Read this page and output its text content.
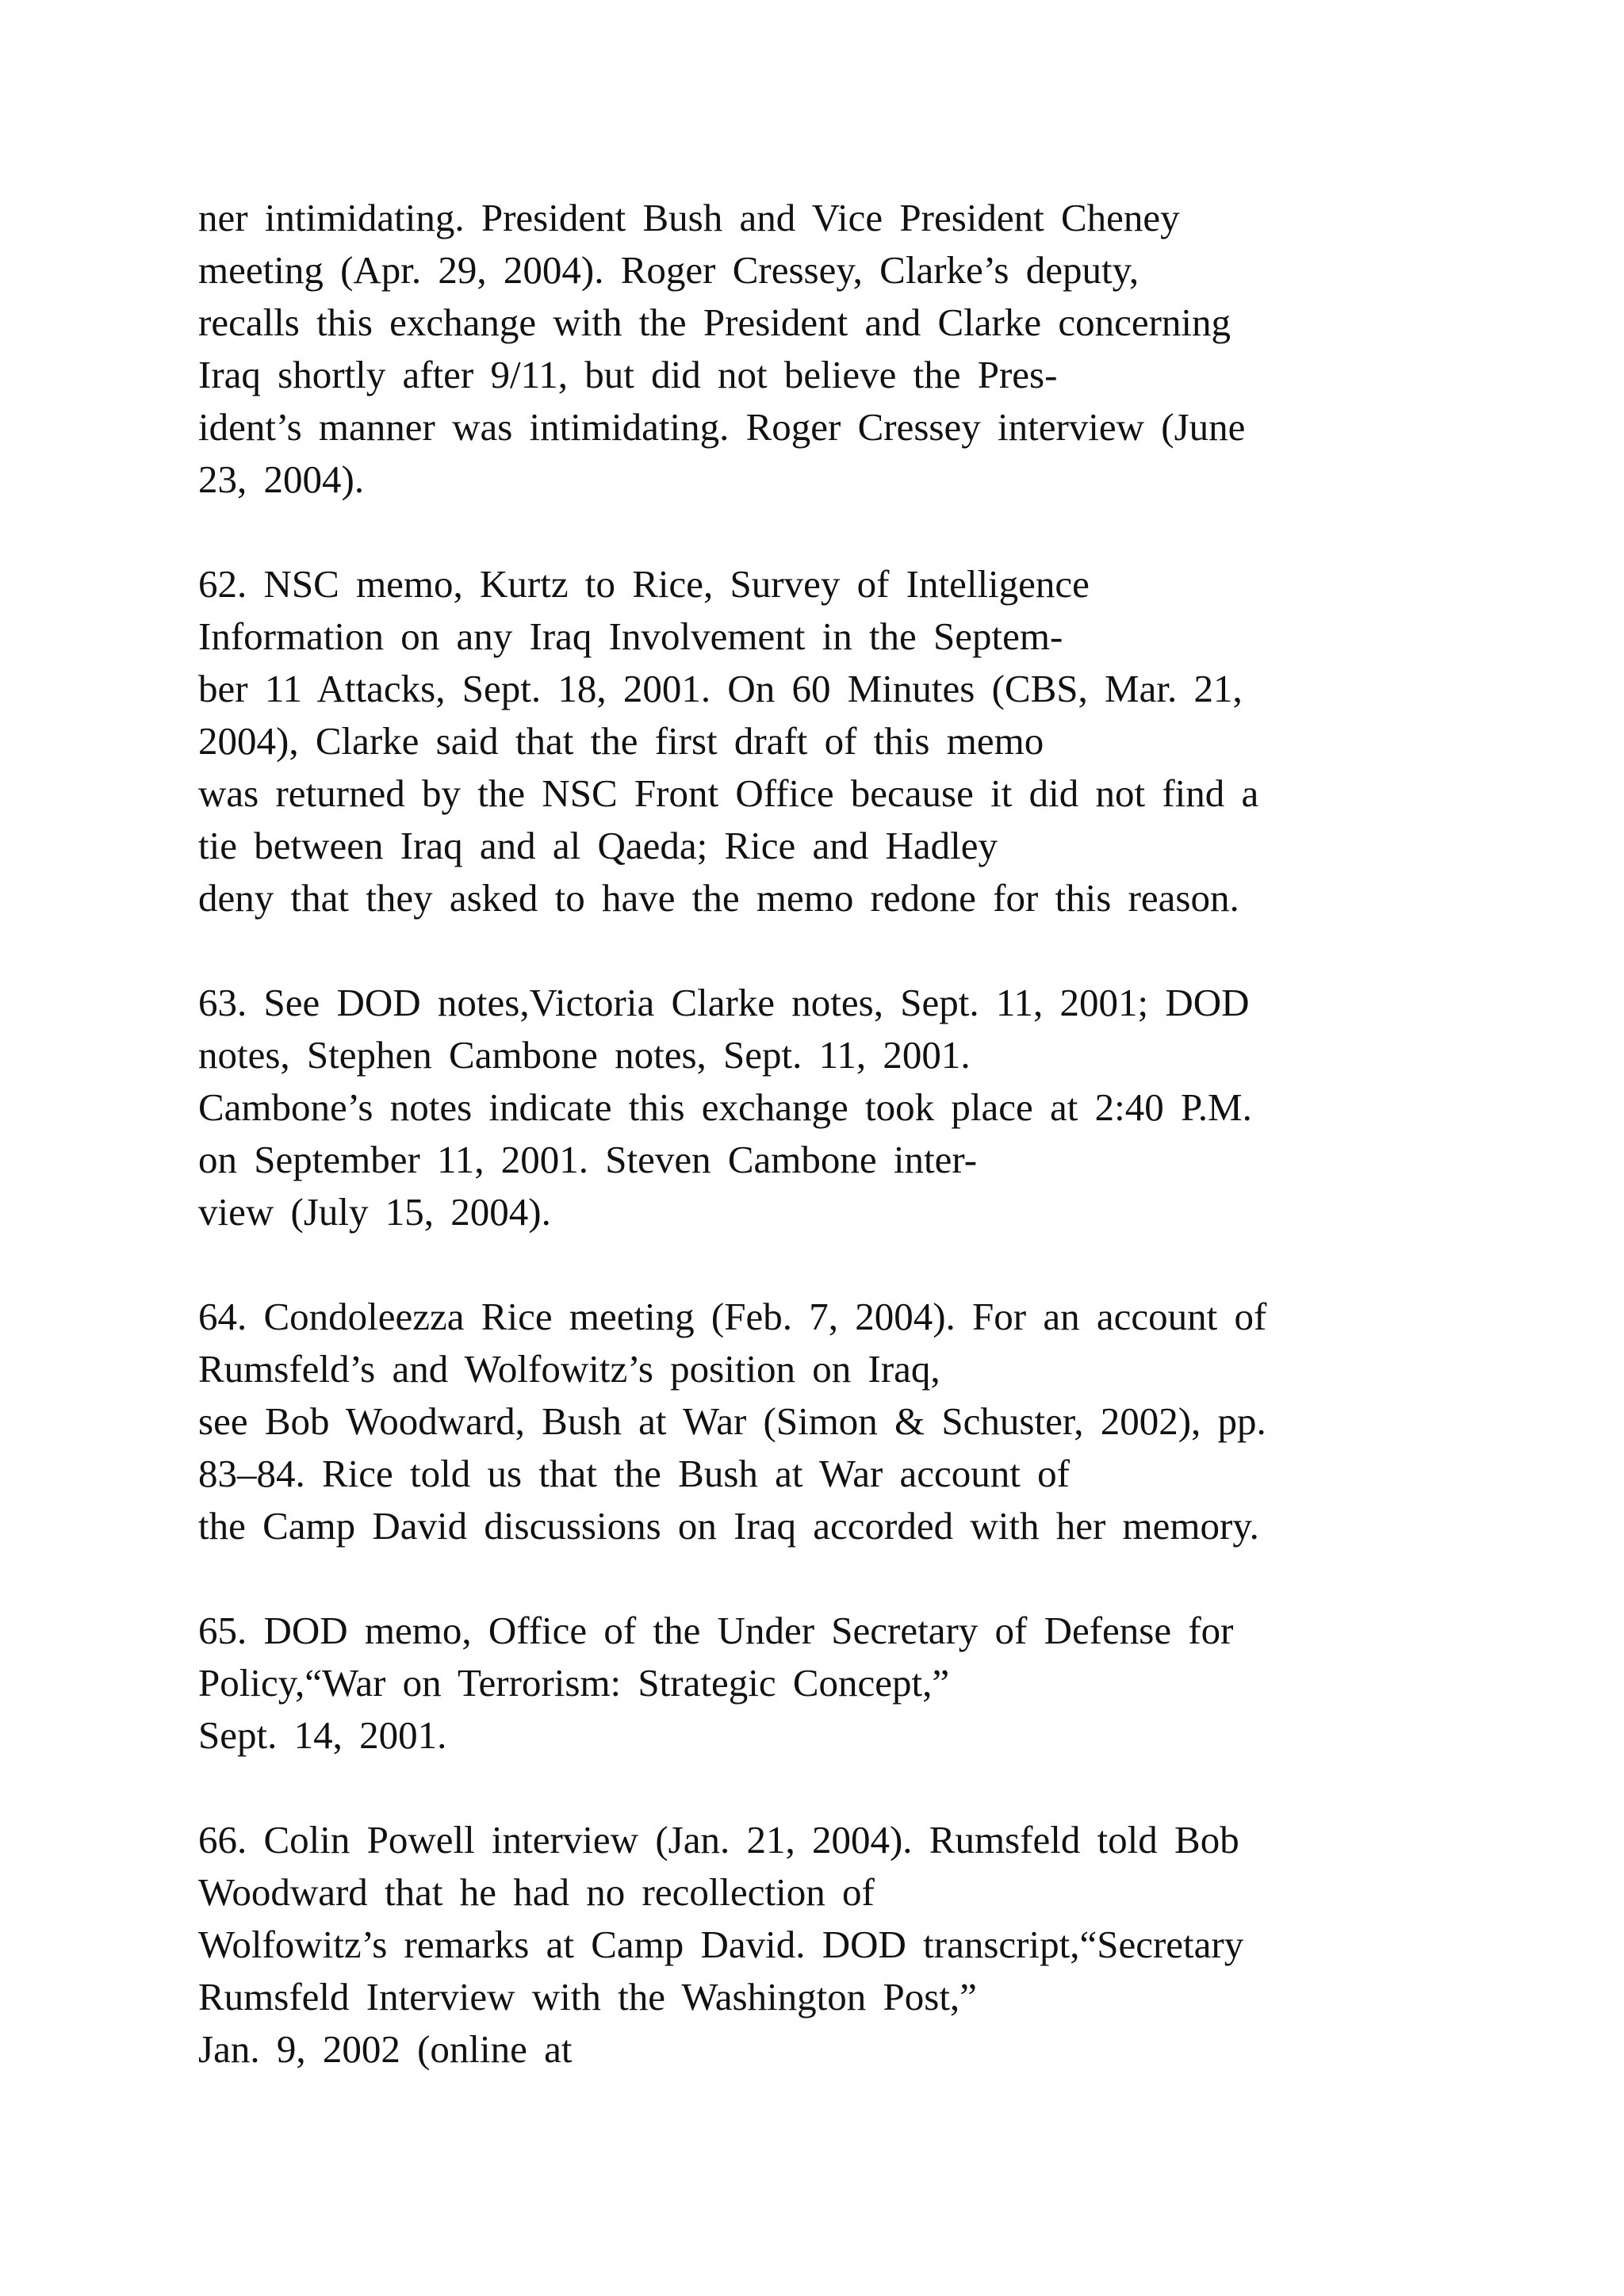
ner intimidating. President Bush and Vice President Cheney
meeting (Apr. 29, 2004). Roger Cressey, Clarke’s deputy,
recalls this exchange with the President and Clarke concerning
Iraq shortly after 9/11, but did not believe the Pres-
ident’s manner was intimidating. Roger Cressey interview (June
23, 2004).
62. NSC memo, Kurtz to Rice, Survey of Intelligence
Information on any Iraq Involvement in the Septem-
ber 11 Attacks, Sept. 18, 2001. On 60 Minutes (CBS, Mar. 21,
2004), Clarke said that the first draft of this memo
was returned by the NSC Front Office because it did not find a
tie between Iraq and al Qaeda; Rice and Hadley
deny that they asked to have the memo redone for this reason.
63. See DOD notes,Victoria Clarke notes, Sept. 11, 2001; DOD
notes, Stephen Cambone notes, Sept. 11, 2001.
Cambone’s notes indicate this exchange took place at 2:40 P.M.
on September 11, 2001. Steven Cambone inter-
view (July 15, 2004).
64. Condoleezza Rice meeting (Feb. 7, 2004). For an account of
Rumsfeld’s and Wolfowitz’s position on Iraq,
see Bob Woodward, Bush at War (Simon & Schuster, 2002), pp.
83–84. Rice told us that the Bush at War account of
the Camp David discussions on Iraq accorded with her memory.
65. DOD memo, Office of the Under Secretary of Defense for
Policy,“War on Terrorism: Strategic Concept,”
Sept. 14, 2001.
66. Colin Powell interview (Jan. 21, 2004). Rumsfeld told Bob
Woodward that he had no recollection of
Wolfowitz’s remarks at Camp David. DOD transcript,“Secretary
Rumsfeld Interview with the Washington Post,”
Jan. 9, 2002 (online at
